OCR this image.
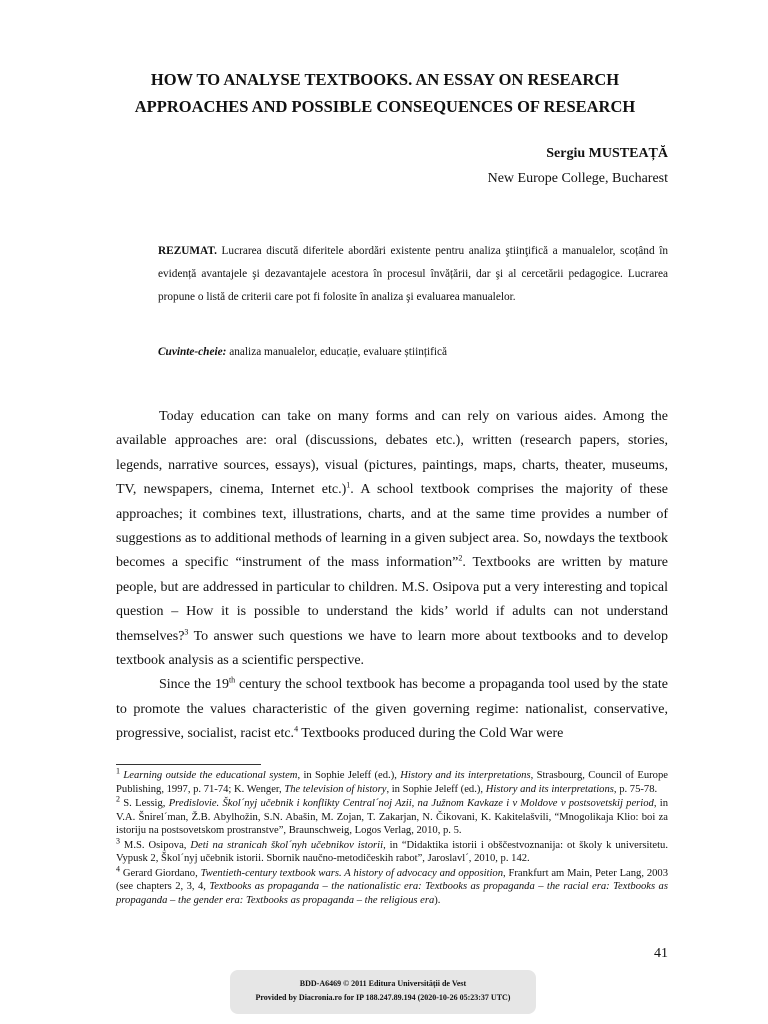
HOW TO ANALYSE TEXTBOOKS. AN ESSAY ON RESEARCH
APPROACHES AND POSSIBLE CONSEQUENCES OF RESEARCH
Sergiu MUSTEAȚĂ
New Europe College, Bucharest
REZUMAT. Lucrarea discută diferitele abordări existente pentru analiza ştiinţifică a manualelor, scoțând în evidență avantajele şi dezavantajele acestora în procesul învățării, dar şi al cercetării pedagogice. Lucrarea propune o listă de criterii care pot fi folosite în analiza şi evaluarea manualelor.
Cuvinte-cheie: analiza manualelor, educație, evaluare științifică

Today education can take on many forms and can rely on various aides. Among the available approaches are: oral (discussions, debates etc.), written (research papers, stories, legends, narrative sources, essays), visual (pictures, paintings, maps, charts, theater, museums, TV, newspapers, cinema, Internet etc.)$^1$. A school textbook comprises the majority of these approaches; it combines text, illustrations, charts, and at the same time provides a number of suggestions as to additional methods of learning in a given subject area. So, nowdays the textbook becomes a specific “instrument of the mass information”$^2$. Textbooks are written by mature people, but are addressed in particular to children. M.S. Osipova put a very interesting and topical question – How it is possible to understand the kids’ world if adults can not understand themselves?$^3$ To answer such questions we have to learn more about textbooks and to develop textbook analysis as a scientific perspective.

Since the 19th century the school textbook has become a propaganda tool used by the state to promote the values characteristic of the given governing regime: nationalist, conservative, progressive, socialist, racist etc.$^4$ Textbooks produced during the Cold War were

$^1$ Learning outside the educational system, in Sophie Jeleff (ed.), History and its interpretations, Strasbourg, Council of Europe Publishing, 1997, p. 71-74; K. Wenger, The television of history, in Sophie Jeleff (ed.), History and its interpretations, p. 75-78.
$^2$ S. Lessig, Predislovie. Škol´nyj učebnik i konflikty Central´noj Azii, na Južnom Kavkaze i v Moldove v postsovetskij period, in V.A. Šnirel´man, Ž.B. Abylhožin, S.N. Abašin, M. Zojan, T. Zakarjan, N. Čikovani, K. Kakitelašvili, “Mnogolikaja Klio: boi za istoriju na postsovetskom prostranstve”, Braunschweig, Logos Verlag, 2010, p. 5.
$^3$ M.S. Osipova, Deti na stranicah škol´nyh učebnikov istorii, in “Didaktika istorii i obščestvoznanija: ot školy k universitetu. Vypusk 2, Škol´nyj učebnik istorii. Sbornik naučno-metodičeskih rabot”, Jaroslavl´, 2010, p. 142.
$^4$ Gerard Giordano, Twentieth-century textbook wars. A history of advocacy and opposition, Frankfurt am Main, Peter Lang, 2003 (see chapters 2, 3, 4, Textbooks as propaganda – the nationalistic era: Textbooks as propaganda – the racial era: Textbooks as propaganda – the gender era: Textbooks as propaganda – the religious era).
41
BDD-A6469 © 2011 Editura Universității de Vest
Provided by Diacronia.ro for IP 188.247.89.194 (2020-10-26 05:23:37 UTC)
